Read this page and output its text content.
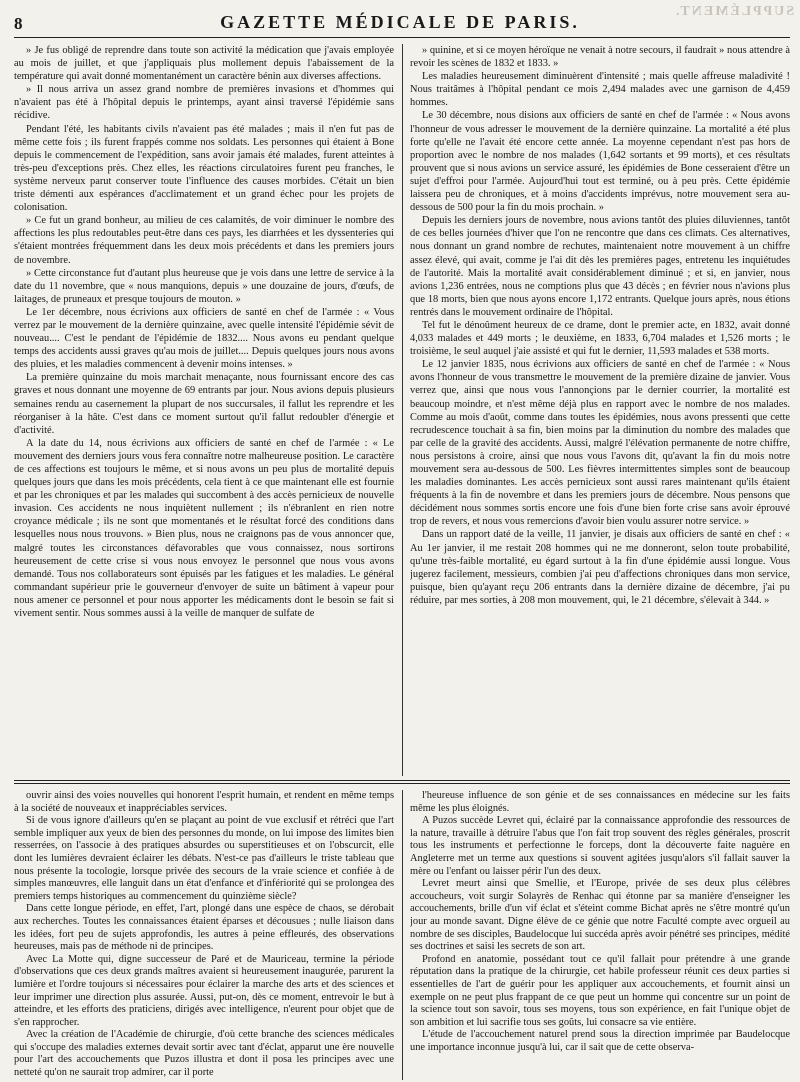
SUPPLÉMENT.
8	GAZETTE MÉDICALE DE PARIS.

» Je fus obligé de reprendre dans toute son activité la médication que j'avais employée au mois de juillet, et que j'appliquais plus mollement depuis l'abaissement de la température qui avait donné momentanément un caractère bénin aux diverses affections.

» Il nous arriva un assez grand nombre de premières invasions et d'hommes qui n'avaient pas été à l'hôpital depuis le printemps, ayant ainsi traversé l'épidémie sans récidive.

Pendant l'été, les habitants civils n'avaient pas été malades ; mais il n'en fut pas de même cette fois ; ils furent frappés comme nos soldats. Les personnes qui étaient à Bone depuis le commencement de l'expédition, sans avoir jamais été malades, furent atteintes à très-peu d'exceptions près. Chez elles, les réactions circulatoires furent peu franches, le système nerveux parut conserver toute l'influence des causes morbides. C'était un bien triste démenti aux espérances d'acclimatement et un grand échec pour les projets de colonisation.

» Ce fut un grand bonheur, au milieu de ces calamités, de voir diminuer le nombre des affections les plus redoutables peut-être dans ces pays, les diarrhées et les dyssenteries qui s'étaient montrées fréquemment dans les deux mois précédents et dans les premiers jours de novembre.

» Cette circonstance fut d'autant plus heureuse que je vois dans une lettre de service à la date du 11 novembre, que « nous manquions, depuis » une douzaine de jours, d'œufs, de laitages, de pruneaux et presque toujours de mouton. »

Le 1er décembre, nous écrivions aux officiers de santé en chef de l'armée : « Vous verrez par le mouvement de la dernière quinzaine, avec quelle intensité l'épidémie sévit de nouveau.... C'est le pendant de l'épidémie de 1832.... Nous avons eu pendant quelque temps des accidents aussi graves qu'au mois de juillet.... Depuis quelques jours nous avons des pluies, et les maladies commencent à devenir moins intenses. »

La première quinzaine du mois marchait menaçante, nous fournissant encore des cas graves et nous donnant une moyenne de 69 entrants par jour. Nous avions depuis plusieurs semaines rendu au casernement la plupart de nos succursales, il fallut les reprendre et les réorganiser à la hâte. C'est dans ce moment surtout qu'il fallut redoubler d'énergie et d'activité.

A la date du 14, nous écrivions aux officiers de santé en chef de l'armée : « Le mouvement des derniers jours vous fera connaître notre malheureuse position. Le caractère de ces affections est toujours le même, et si nous avons un peu plus de mortalité depuis quelques jours que dans les mois précédents, cela tient à ce que maintenant elle est fournie et par les chroniques et par les malades qui succombent à des accès pernicieux de nouvelle invasion. Ces accidents ne nous inquiètent nullement ; ils n'ébranlent en rien notre croyance médicale ; ils ne sont que momentanés et le résultat forcé des conditions dans lesquelles nous nous trouvons. » Bien plus, nous ne craignons pas de vous annoncer que, malgré toutes les circonstances défavorables que vous connaissez, nous sortirons heureusement de cette crise si vous nous envoyez le personnel que nous vous avons demandé. Tous nos collaborateurs sont épuisés par les fatigues et les maladies. Le général commandant supérieur prie le gouverneur d'envoyer de suite un bâtiment à vapeur pour nous amener ce personnel et pour nous apporter les médicaments dont le besoin se fait si vivement sentir. Nous sommes aussi à la veille de manquer de sulfate de

» quinine, et si ce moyen héroïque ne venait à notre secours, il faudrait » nous attendre à revoir les scènes de 1832 et 1833. »

Les maladies heureusement diminuèrent d'intensité ; mais quelle affreuse maladivité ! Nous traitâmes à l'hôpital pendant ce mois 2,494 malades avec une garnison de 4,459 hommes.

Le 30 décembre, nous disions aux officiers de santé en chef de l'armée : « Nous avons l'honneur de vous adresser le mouvement de la dernière quinzaine. La mortalité a été plus forte qu'elle ne l'avait été encore cette année. La moyenne cependant n'est pas hors de proportion avec le nombre de nos malades (1,642 sortants et 99 morts), et ces résultats prouvent que si nous avions un service assuré, les épidémies de Bone cesseraient d'être un sujet d'effroi pour l'armée. Aujourd'hui tout est terminé, ou à peu près. Cette épidémie laissera peu de chroniques, et à moins d'accidents imprévus, notre mouvement sera au-dessous de 500 pour la fin du mois prochain. »

Depuis les derniers jours de novembre, nous avions tantôt des pluies diluviennes, tantôt de ces belles journées d'hiver que l'on ne rencontre que dans ces climats. Ces alternatives, nous donnant un grand nombre de rechutes, maintenaient notre mouvement à un chiffre assez élevé, qui avait, comme je l'ai dit dès les premières pages, entretenu les inquiétudes de l'autorité. Mais la mortalité avait considérablement diminué ; et si, en janvier, nous avions 1,236 entrées, nous ne comptions plus que 43 décès ; en février nous n'avions plus que 18 morts, bien que nous ayons encore 1,172 entrants. Quelque jours après, nous étions rentrés dans le mouvement ordinaire de l'hôpital.

Tel fut le dénoûment heureux de ce drame, dont le premier acte, en 1832, avait donné 4,033 malades et 449 morts ; le deuxième, en 1833, 6,704 malades et 1,526 morts ; le troisième, le seul auquel j'aie assisté et qui fut le dernier, 11,593 malades et 538 morts.

Le 12 janvier 1835, nous écrivions aux officiers de santé en chef de l'armée : « Nous avons l'honneur de vous transmettre le mouvement de la première dizaine de janvier. Vous verrez que, ainsi que nous vous l'annonçions par le dernier courrier, la mortalité est beaucoup moindre, et n'est même déjà plus en rapport avec le nombre de nos malades. Comme au mois d'août, comme dans toutes les épidémies, nous avons pressenti que cette recrudescence touchait à sa fin, bien moins par la diminution du nombre des malades que par celle de la gravité des accidents. Aussi, malgré l'élévation permanente de notre chiffre, nous persistons à croire, ainsi que nous vous l'avons dit, qu'avant la fin du mois notre mouvement sera au-dessous de 500. Les fièvres intermittentes simples sont de beaucoup les maladies dominantes. Les accès pernicieux sont aussi rares maintenant qu'ils étaient fréquents à la fin de novembre et dans les premiers jours de décembre. Nous pensons que décidément nous sommes sortis encore une fois d'une bien forte crise sans avoir éprouvé trop de revers, et nous vous remercions d'avoir bien voulu assurer notre service. »

Dans un rapport daté de la veille, 11 janvier, je disais aux officiers de santé en chef : « Au 1er janvier, il me restait 208 hommes qui ne me donneront, selon toute probabilité, qu'une très-faible mortalité, eu égard surtout à la fin d'une épidémie aussi longue. Vous jugerez facilement, messieurs, combien j'ai peu d'affections chroniques dans mon service, puisque, bien qu'ayant reçu 206 entrants dans la dernière dizaine de décembre, j'ai pu réduire, par mes sorties, à 208 mon mouvement, qui, le 21 décembre, s'élevait à 344. »

ouvrir ainsi des voies nouvelles qui honorent l'esprit humain, et rendent en même temps à la société de nouveaux et inappréciables services.

Si de vous ignore d'ailleurs qu'en se plaçant au point de vue exclusif et rétréci que l'art semble impliquer aux yeux de bien des personnes du monde, on lui impose des limites bien resserrées, on l'associe à des pratiques absurdes ou superstitieuses et on l'obscurcit, elle dont les lumières devraient éclairer les débats. N'est-ce pas d'ailleurs le triste tableau que nous présente la tocologie, lorsque privée des secours de la vraie science et confiée à de simples manœuvres, elle languit dans un état d'enfance et d'infériorité qui se prolongea des premiers temps historiques au commencement du quinzième siècle?

Dans cette longue période, en effet, l'art, plongé dans une espèce de chaos, se dérobait aux recherches. Toutes les connaissances étaient éparses et décousues ; nulle liaison dans les idées, fort peu de sujets approfondis, les autres à peine effleurés, des observations heureuses, mais pas de méthode ni de principes.

Avec La Motte qui, digne successeur de Paré et de Mauriceau, termine la période d'observations que ces deux grands maîtres avaient si heureusement inaugurée, parurent la lumière et l'ordre toujours si nécessaires pour éclairer la marche des arts et des sciences et leur imprimer une direction plus assurée. Aussi, put-on, dès ce moment, entrevoir le but à atteindre, et les efforts des praticiens, dirigés avec intelligence, n'eurent pour objet que de s'en rapprocher.

Avec la création de l'Académie de chirurgie, d'où cette branche des sciences médicales qui s'occupe des maladies externes devait sortir avec tant d'éclat, apparut une ère nouvelle pour l'art des accouchements que Puzos illustra et dont il posa les principes avec une netteté qu'on ne saurait trop admirer, car il porte

l'heureuse influence de son génie et de ses connaissances en médecine sur les faits même les plus éloignés.

A Puzos succède Levret qui, éclairé par la connaissance approfondie des ressources de la nature, travaille à détruire l'abus que l'on fait trop souvent des règles générales, proscrit tous les instruments et perfectionne le forceps, dont la découverte faite naguère en Angleterre met un terme aux questions si souvent agitées jusqu'alors s'il fallait sauver la mère ou l'enfant ou laisser périr l'un des deux.

Levret meurt ainsi que Smellie, et l'Europe, privée de ses deux plus célèbres accoucheurs, voit surgir Solayrès de Renhac qui étonne par sa manière d'enseigner les accouchements, brille d'un vif éclat et s'éteint comme Bichat après ne s'être montré qu'un jour au monde savant. Digne élève de ce génie que notre Faculté compte avec orgueil au nombre de ses disciples, Baudelocque lui succéda après avoir pénétré ses principes, médité ses doctrines et saisi les secrets de son art.

Profond en anatomie, possédant tout ce qu'il fallait pour prétendre à une grande réputation dans la pratique de la chirurgie, cet habile professeur réunit ces deux parties si essentielles de l'art de guérir pour les appliquer aux accouchements, et fournit ainsi un exemple on ne peut plus frappant de ce que peut un homme qui concentre sur un point de la science tout son savoir, tous ses moyens, tous son expérience, en fait l'unique objet de son ambition et lui sacrifie tous ses goûts, lui consacre sa vie entière.

L'étude de l'accouchement naturel prend sous la direction imprimée par Baudelocque une importance inconnue jusqu'à lui, car il sait que de cette observa-
